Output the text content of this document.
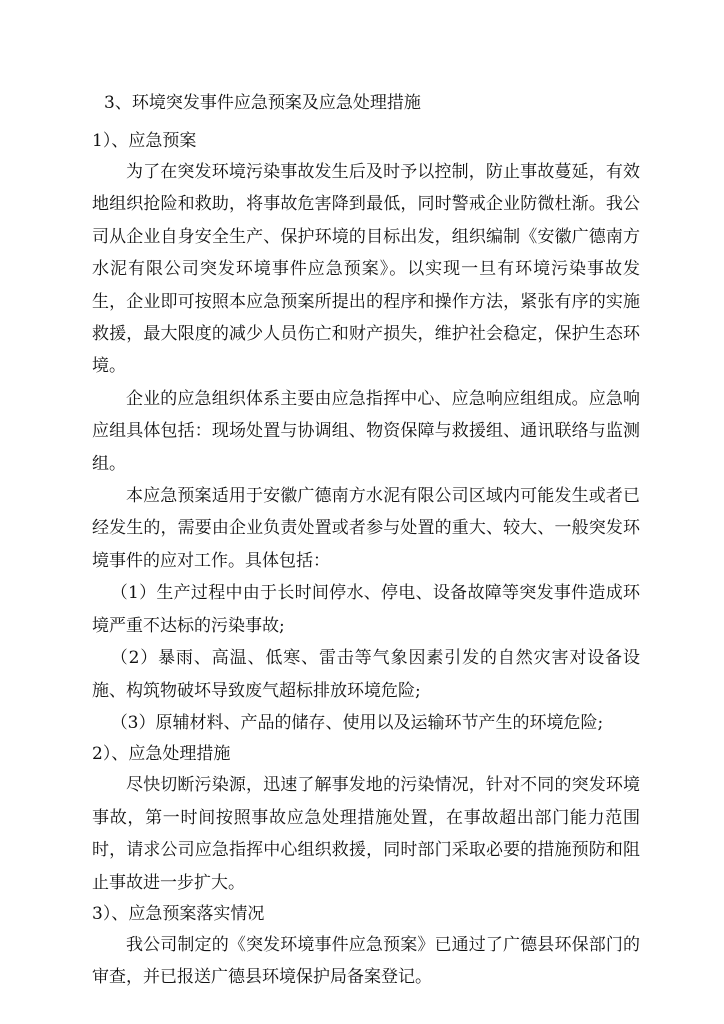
3、环境突发事件应急预案及应急处理措施

1）、应急预案

为了在突发环境污染事故发生后及时予以控制，防止事故蔓延，有效地组织抢险和救助，将事故危害降到最低，同时警戒企业防微杜渐。我公司从企业自身安全生产、保护环境的目标出发，组织编制《安徽广德南方水泥有限公司突发环境事件应急预案》。以实现一旦有环境污染事故发生，企业即可按照本应急预案所提出的程序和操作方法，紧张有序的实施救援，最大限度的减少人员伤亡和财产损失，维护社会稳定，保护生态环境。

企业的应急组织体系主要由应急指挥中心、应急响应组组成。应急响应组具体包括：现场处置与协调组、物资保障与救援组、通讯联络与监测组。

本应急预案适用于安徽广德南方水泥有限公司区域内可能发生或者已经发生的，需要由企业负责处置或者参与处置的重大、较大、一般突发环境事件的应对工作。具体包括：

（1）生产过程中由于长时间停水、停电、设备故障等突发事件造成环境严重不达标的污染事故;

（2）暴雨、高温、低寒、雷击等气象因素引发的自然灾害对设备设施、构筑物破坏导致废气超标排放环境危险;

（3）原辅材料、产品的储存、使用以及运输环节产生的环境危险;

2）、应急处理措施

尽快切断污染源，迅速了解事发地的污染情况，针对不同的突发环境事故，第一时间按照事故应急处理措施处置，在事故超出部门能力范围时，请求公司应急指挥中心组织救援，同时部门采取必要的措施预防和阻止事故进一步扩大。

3）、应急预案落实情况

我公司制定的《突发环境事件应急预案》已通过了广德县环保部门的审查，并已报送广德县环境保护局备案登记。
